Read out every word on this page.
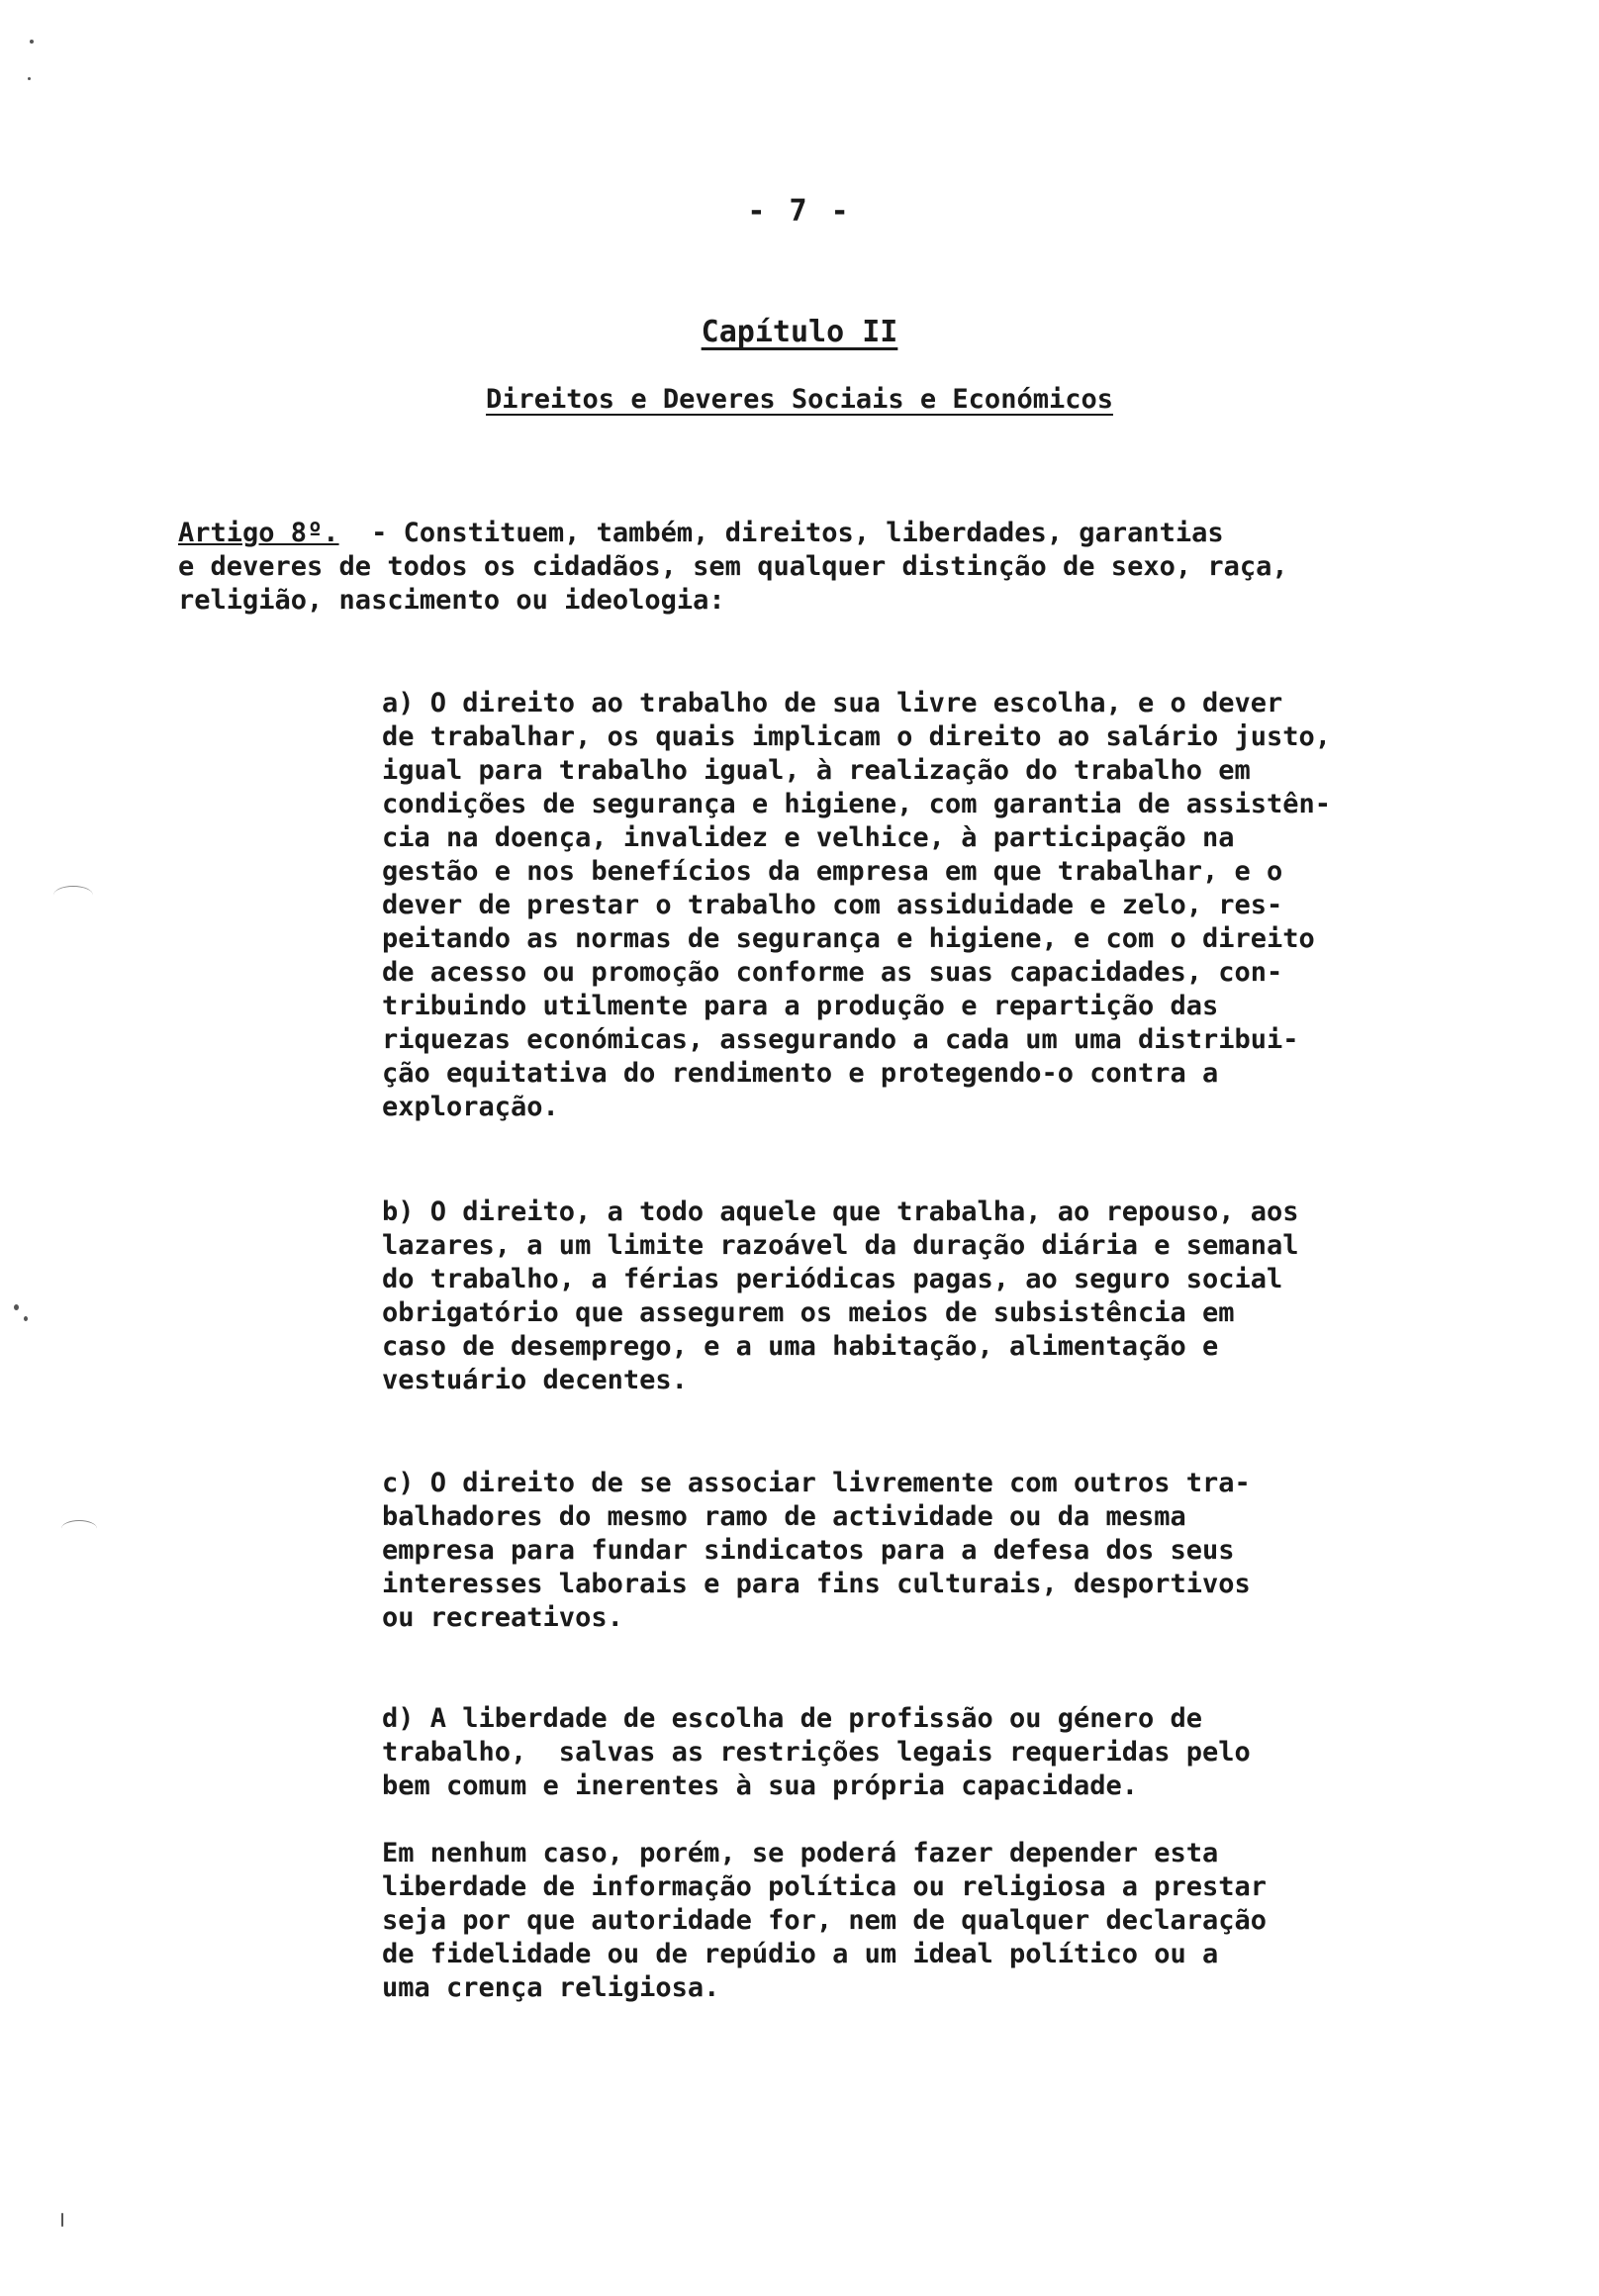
- 7 -
Capítulo II
Direitos e Deveres Sociais e Económicos

Artigo 8º.  - Constituem, também, direitos, liberdades, garantias
e deveres de todos os cidadãos, sem qualquer distinção de sexo, raça,
religião, nascimento ou ideologia:

a) O direito ao trabalho de sua livre escolha, e o dever
de trabalhar, os quais implicam o direito ao salário justo,
igual para trabalho igual, à realização do trabalho em
condições de segurança e higiene, com garantia de assistên-
cia na doença, invalidez e velhice, à participação na
gestão e nos benefícios da empresa em que trabalhar, e o
dever de prestar o trabalho com assiduidade e zelo, res-
peitando as normas de segurança e higiene, e com o direito
de acesso ou promoção conforme as suas capacidades, con-
tribuindo utilmente para a produção e repartição das
riquezas económicas, assegurando a cada um uma distribui-
ção equitativa do rendimento e protegendo-o contra a
exploração.

b) O direito, a todo aquele que trabalha, ao repouso, aos
lazares, a um limite razoável da duração diária e semanal
do trabalho, a férias periódicas pagas, ao seguro social
obrigatório que assegurem os meios de subsistência em
caso de desemprego, e a uma habitação, alimentação e
vestuário decentes.

c) O direito de se associar livremente com outros tra-
balhadores do mesmo ramo de actividade ou da mesma
empresa para fundar sindicatos para a defesa dos seus
interesses laborais e para fins culturais, desportivos
ou recreativos.

d) A liberdade de escolha de profissão ou género de
trabalho,  salvas as restrições legais requeridas pelo
bem comum e inerentes à sua própria capacidade.

Em nenhum caso, porém, se poderá fazer depender esta
liberdade de informação política ou religiosa a prestar
seja por que autoridade for, nem de qualquer declaração
de fidelidade ou de repúdio a um ideal político ou a
uma crença religiosa.
